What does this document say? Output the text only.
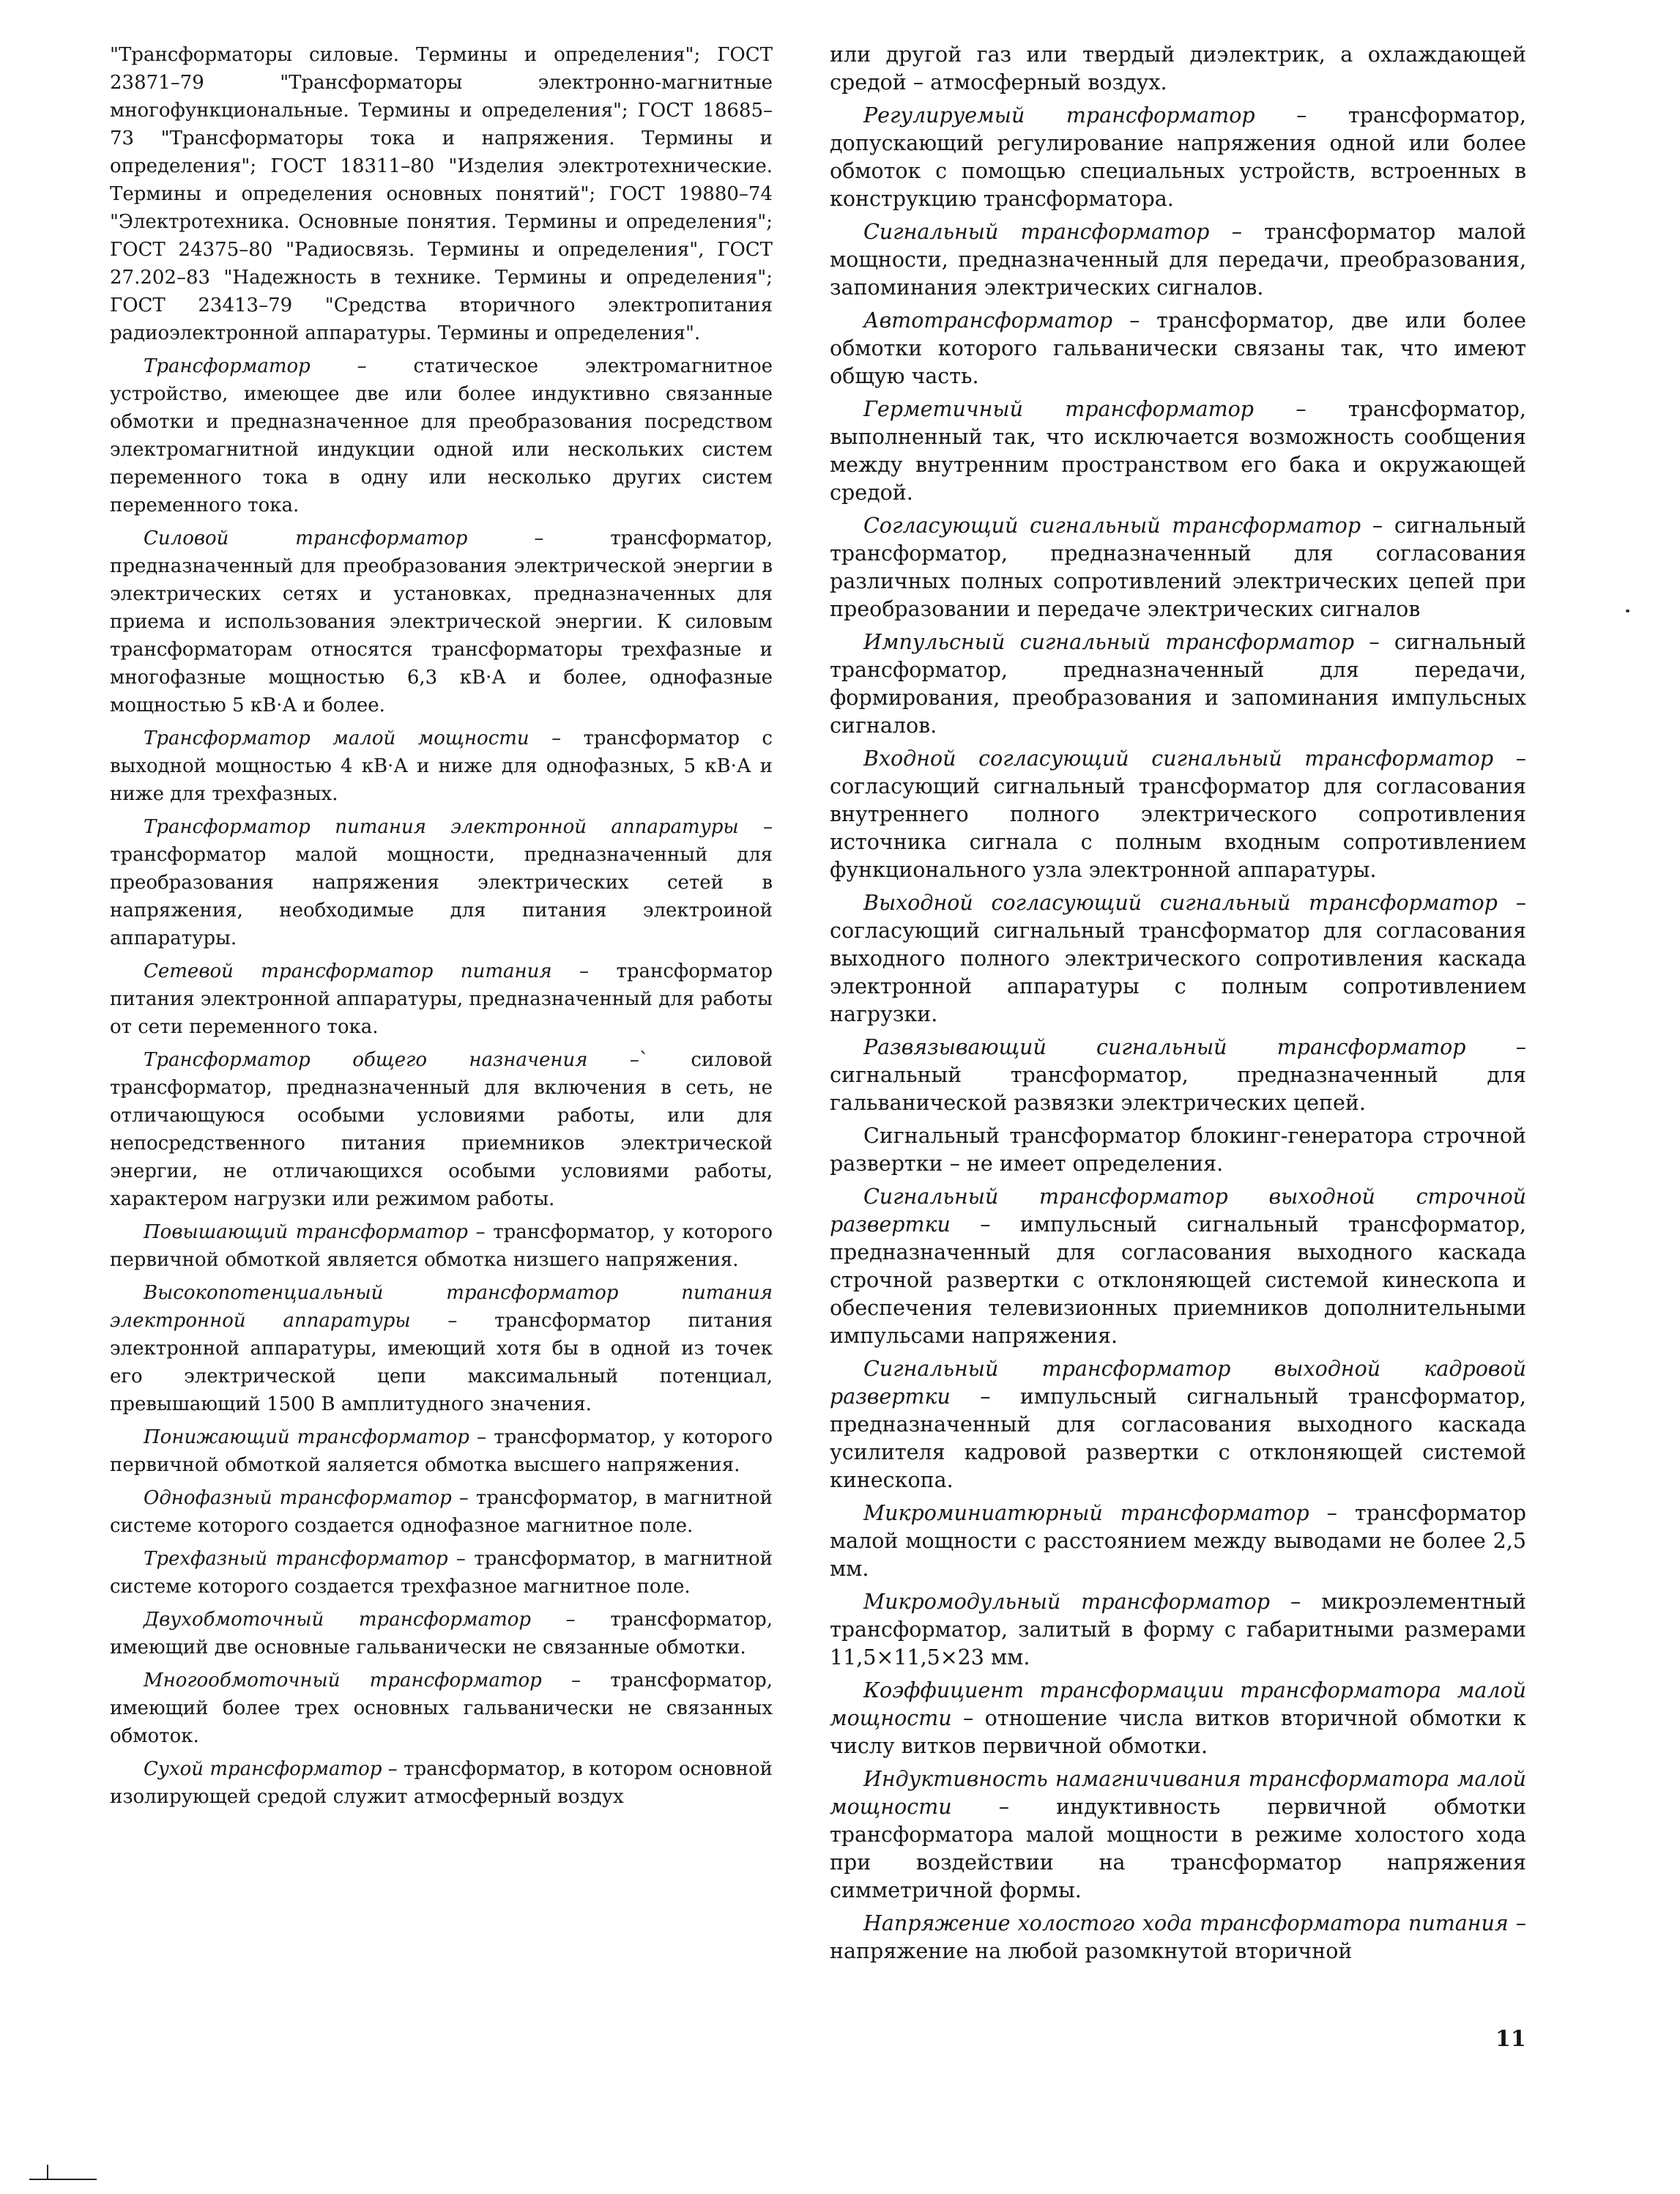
"Трансформаторы силовые. Термины и определения"; ГОСТ 23871–79 "Трансформаторы электронно-магнитные многофункциональные. Термины и определения"; ГОСТ 18685–73 "Трансформаторы тока и напряжения. Термины и определения"; ГОСТ 18311–80 "Изделия электротехнические. Термины и определения основных понятий"; ГОСТ 19880–74 "Электротехника. Основные понятия. Термины и определения"; ГОСТ 24375–80 "Радиосвязь. Термины и определения", ГОСТ 27.202–83 "Надежность в технике. Термины и определения"; ГОСТ 23413–79 "Средства вторичного электропитания радиоэлектронной аппаратуры. Термины и определения".

Трансформатор – статическое электромагнитное устройство, имеющее две или более индуктивно связанные обмотки и предназначенное для преобразования посредством электромагнитной индукции одной или нескольких систем переменного тока в одну или несколько других систем переменного тока.

Силовой трансформатор – трансформатор, предназначенный для преобразования электрической энергии в электрических сетях и установках, предназначенных для приема и использования электрической энергии. К силовым трансформаторам относятся трансформаторы трехфазные и многофазные мощностью 6,3 кВ·А и более, однофазные мощностью 5 кВ·А и более.

Трансформатор малой мощности – трансформатор с выходной мощностью 4 кВ·А и ниже для однофазных, 5 кВ·А и ниже для трехфазных.

Трансформатор питания электронной аппаратуры – трансформатор малой мощности, предназначенный для преобразования напряжения электрических сетей в напряжения, необходимые для питания электроиной аппаратуры.

Сетевой трансформатор питания – трансформатор питания электронной аппаратуры, предназначенный для работы от сети переменного тока.

Трансформатор общего назначения –` силовой трансформатор, предназначенный для включения в сеть, не отличающуюся особыми условиями работы, или для непосредственного питания приемников электрической энергии, не отличающихся особыми условиями работы, характером нагрузки или режимом работы.

Повышающий трансформатор – трансформатор, у которого первичной обмоткой является обмотка низшего напряжения.

Высокопотенциальный трансформатор питания электронной аппаратуры – трансформатор питания электронной аппаратуры, имеющий хотя бы в одной из точек его электрической цепи максимальный потенциал, превышающий 1500 В амплитудного значения.

Понижающий трансформатор – трансформатор, у которого первичной обмоткой яаляется обмотка высшего напряжения.

Однофазный трансформатор – трансформатор, в магнитной системе которого создается однофазное магнитное поле.

Трехфазный трансформатор – трансформатор, в магнитной системе которого создается трехфазное магнитное поле.

Двухобмоточный трансформатор – трансформатор, имеющий две основные гальванически не связанные обмотки.

Многообмоточный трансформатор – трансформатор, имеющий более трех основных гальванически не связанных обмоток.

Сухой трансформатор – трансформатор, в котором основной изолирующей средой служит атмосферный воздух

или другой газ или твердый диэлектрик, а охлаждающей средой – атмосферный воздух.

Регулируемый трансформатор – трансформатор, допускающий регулирование напряжения одной или более обмоток с помощью специальных устройств, встроенных в конструкцию трансформатора.

Сигнальный трансформатор – трансформатор малой мощности, предназначенный для передачи, преобразования, запоминания электрических сигналов.

Автотрансформатор – трансформатор, две или более обмотки которого гальванически связаны так, что имеют общую часть.

Герметичный трансформатор – трансформатор, выполненный так, что исключается возможность сообщения между внутренним пространством его бака и окружающей средой.

Согласующий сигнальный трансформатор – сигнальный трансформатор, предназначенный для согласования различных полных сопротивлений электрических цепей при преобразовании и передаче электрических сигналов

Импульсный сигнальный трансформатор – сигнальный трансформатор, предназначенный для передачи, формирования, преобразования и запоминания импульсных сигналов.

Входной согласующий сигнальный трансформатор – согласующий сигнальный трансформатор для согласования внутреннего полного электрического сопротивления источника сигнала с полным входным сопротивлением функционального узла электронной аппаратуры.

Выходной согласующий сигнальный трансформатор – согласующий сигнальный трансформатор для согласования выходного полного электрического сопротивления каскада электронной аппаратуры с полным сопротивлением нагрузки.

Развязывающий сигнальный трансформатор – сигнальный трансформатор, предназначенный для гальванической развязки электрических цепей.

Сигнальный трансформатор блокинг-генератора строчной развертки – не имеет определения.

Сигнальный трансформатор выходной строчной развертки – импульсный сигнальный трансформатор, предназначенный для согласования выходного каскада строчной развертки с отклоняющей системой кинескопа и обеспечения телевизионных приемников дополнительными импульсами напряжения.

Сигнальный трансформатор выходной кадровой развертки – импульсный сигнальный трансформатор, предназначенный для согласования выходного каскада усилителя кадровой развертки с отклоняющей системой кинескопа.

Микроминиатюрный трансформатор – трансформатор малой мощности с расстоянием между выводами не более 2,5 мм.

Микромодульный трансформатор – микроэлементный трансформатор, залитый в форму с габаритными размерами 11,5×11,5×23 мм.

Коэффициент трансформации трансформатора малой мощности – отношение числа витков вторичной обмотки к числу витков первичной обмотки.

Индуктивность намагничивания трансформатора малой мощности – индуктивность первичной обмотки трансформатора малой мощности в режиме холостого хода при воздействии на трансформатор напряжения симметричной формы.

Напряжение холостого хода трансформатора питания – напряжение на любой разомкнутой вторичной

11
